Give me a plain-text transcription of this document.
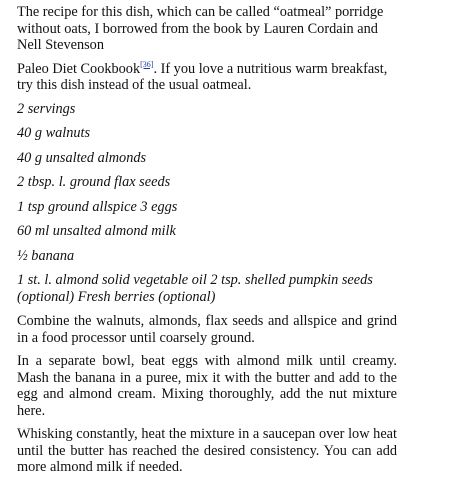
The recipe for this dish, which can be called “oatmeal” porridge without oats, I borrowed from the book by Lauren Cordain and Nell Stevenson

Paleo Diet Cookbook[36]. If you love a nutritious warm breakfast, try this dish instead of the usual oatmeal.

2 servings

40 g walnuts

40 g unsalted almonds

2 tbsp. l. ground flax seeds

1 tsp ground allspice 3 eggs

60 ml unsalted almond milk

½ banana

1 st. l. almond solid vegetable oil 2 tsp. shelled pumpkin seeds (optional) Fresh berries (optional)

Combine the walnuts, almonds, flax seeds and allspice and grind in a food processor until coarsely ground.

In a separate bowl, beat eggs with almond milk until creamy. Mash the banana in a puree, mix it with the butter and add to the egg and almond cream. Mixing thoroughly, add the nut mixture here.

Whisking constantly, heat the mixture in a saucepan over low heat until the butter has reached the desired consistency. You can add more almond milk if needed.
